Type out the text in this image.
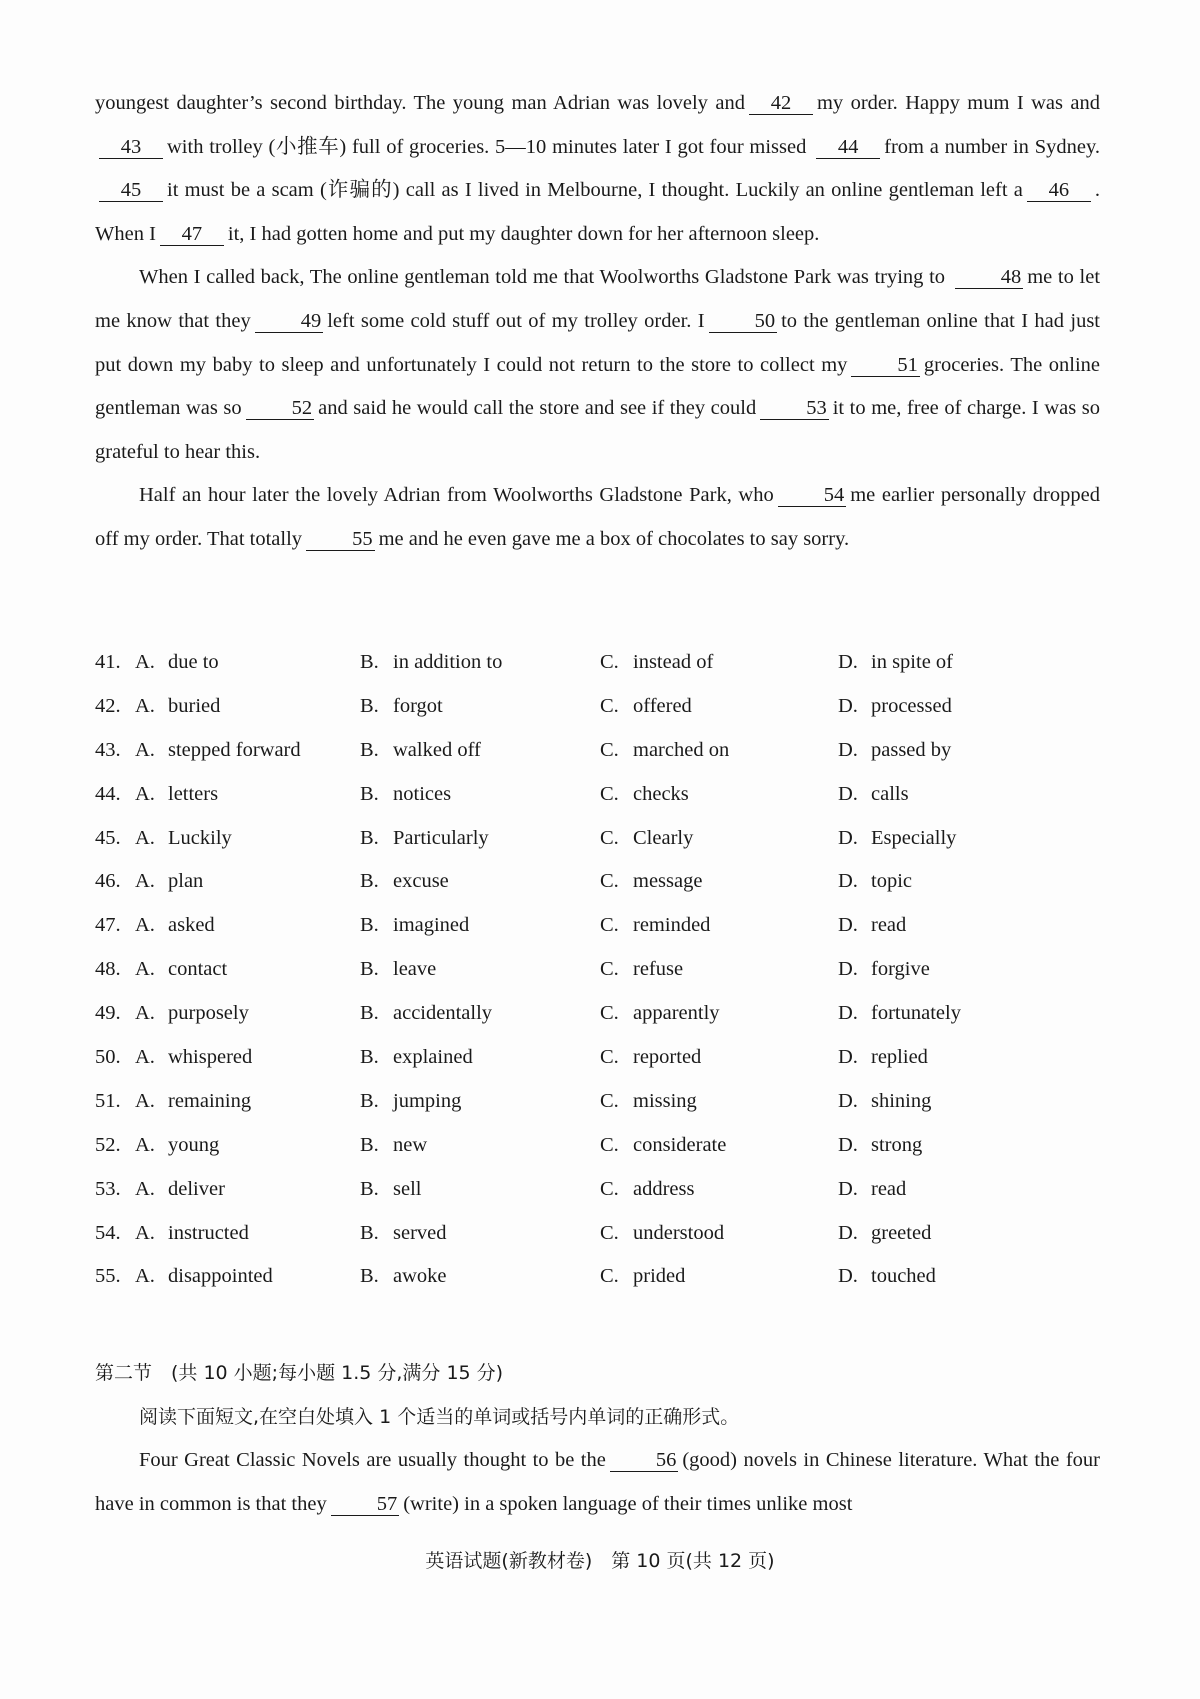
youngest daughter’s second birthday. The young man Adrian was lovely and 42 my order. Happy mum I was and43 with trolley (小推车) full of groceries. 5—10 minutes later I got four missed 44 from a number in Sydney.45 it must be a scam (诈骗的) call as I lived in Melbourne, I thought. Luckily an online gentleman left a 46 . When I 47 it, I had gotten home and put my daughter down for her afternoon sleep.

When I called back, The online gentleman told me that Woolworths Gladstone Park was trying to	48 me to let me know that they 49 left some cold stuff out of my trolley order. I 50 to the gentleman online that I had just put down my baby to sleep and unfortunately I could not return to the store to collect my 51 groceries. The online gentleman was so 52 and said he would call the store and see if they could 53 it to me, free of charge. I was so grateful to hear this.

Half an hour later the lovely Adrian from Woolworths Gladstone Park, who 54 me earlier personally dropped off my order. That totally 55 me and he even gave me a box of chocolates to say sorry.

41. A. due to	B. in addition to	C. instead of	D. in spite of
42. A. buried	B. forgot	C. offered	D. processed
43. A. stepped forward	B. walked off	C. marched on	D. passed by
44. A. letters	B. notices	C. checks	D. calls
45. A. Luckily	B. Particularly	C. Clearly	D. Especially
46. A. plan	B. excuse	C. message	D. topic
47. A. asked	B. imagined	C. reminded	D. read
48. A. contact	B. leave	C. refuse	D. forgive
49. A. purposely	B. accidentally	C. apparently	D. fortunately
50. A. whispered	B. explained	C. reported	D. replied
51. A. remaining	B. jumping	C. missing	D. shining
52. A. young	B. new	C. considerate	D. strong
53. A. deliver	B. sell	C. address	D. read
54. A. instructed	B. served	C. understood	D. greeted
55. A. disappointed	B. awoke	C. prided	D. touched

第二节　(共 10 小题;每小题 1.5 分,满分 15 分)

阅读下面短文,在空白处填入 1 个适当的单词或括号内单词的正确形式。

Four Great Classic Novels are usually thought to be the 56 (good) novels in Chinese literature. What the four have in common is that they 57 (write) in a spoken language of their times unlike most

英语试题(新教材卷)　第 10 页(共 12 页)
